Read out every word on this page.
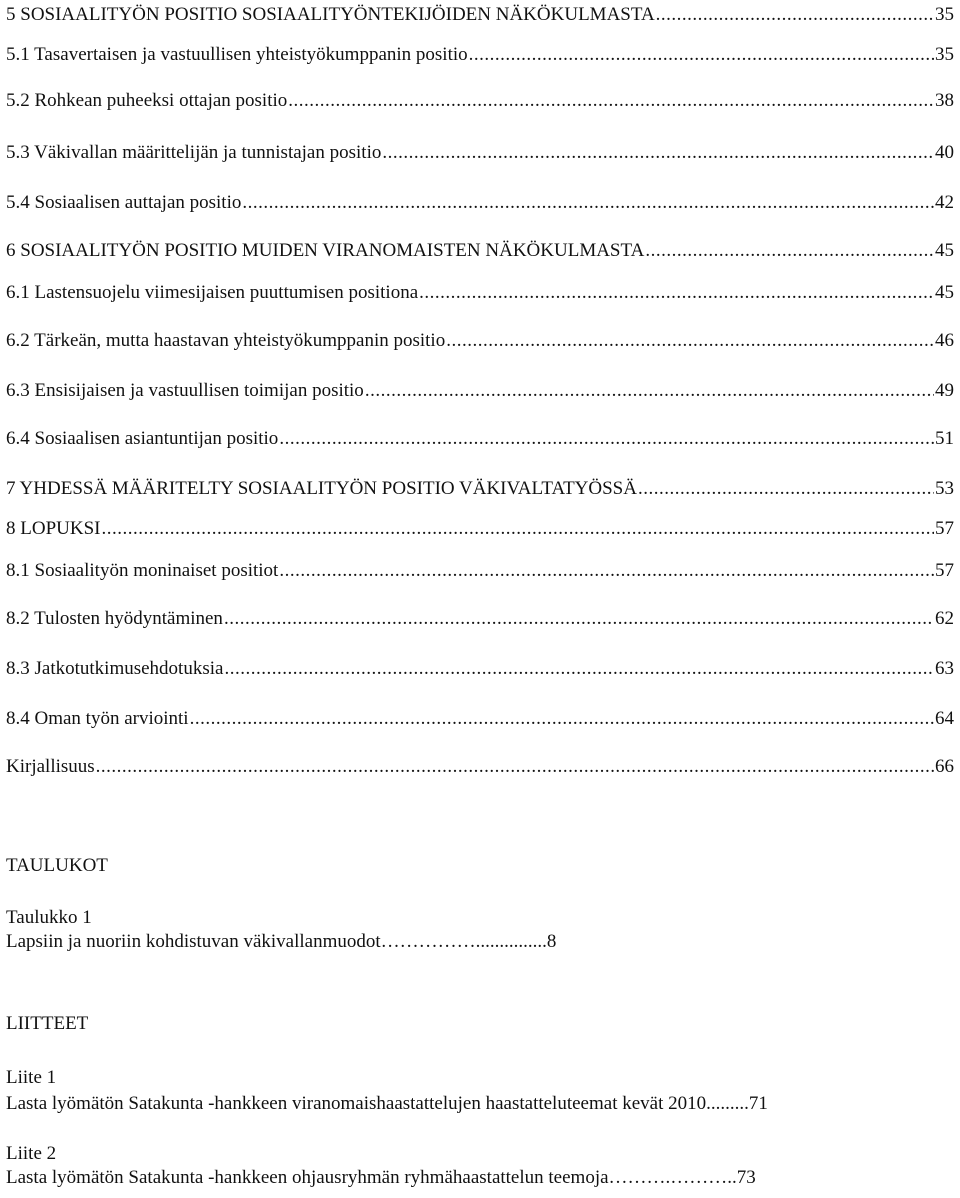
5 SOSIAALITYÖN POSITIO SOSIAALITYÖNTEKIJÖIDEN NÄKÖKULMASTA .....	35
5.1 Tasavertaisen ja vastuullisen yhteistyökumppanin positio .....	35
5.2 Rohkean puheeksi ottajan positio .....	38
5.3 Väkivallan määrittelijän ja tunnistajan positio .....	40
5.4 Sosiaalisen auttajan positio .....	42
6 SOSIAALITYÖN POSITIO MUIDEN VIRANOMAISTEN NÄKÖKULMASTA .....	45
6.1 Lastensuojelu viimesijaisen puuttumisen positiona .....	45
6.2 Tärkeän, mutta haastavan yhteistyökumppanin positio .....	46
6.3 Ensisijaisen ja vastuullisen toimijan positio .....	49
6.4 Sosiaalisen asiantuntijan positio .....	51
7 YHDESSÄ MÄÄRITELTY SOSIAALITYÖN POSITIO VÄKIVALTATYÖSSÄ .....	53
8 LOPUKSI .....	57
8.1 Sosiaalityön moninaiset positiot .....	57
8.2 Tulosten hyödyntäminen .....	62
8.3 Jatkotutkimusehdotuksia .....	63
8.4 Oman työn arviointi .....	64
Kirjallisuus .....	66
TAULUKOT
Taulukko 1
Lapsiin ja nuoriin kohdistuvan väkivallanmuodot……………...............8
LIITTEET
Liite 1
Lasta lyömätön Satakunta -hankkeen viranomaishaastattelujen haastatteluteemat kevät 2010.........71
Liite 2
Lasta lyömätön Satakunta -hankkeen ohjausryhmän ryhmähaastattelun teemoja……….………..73
